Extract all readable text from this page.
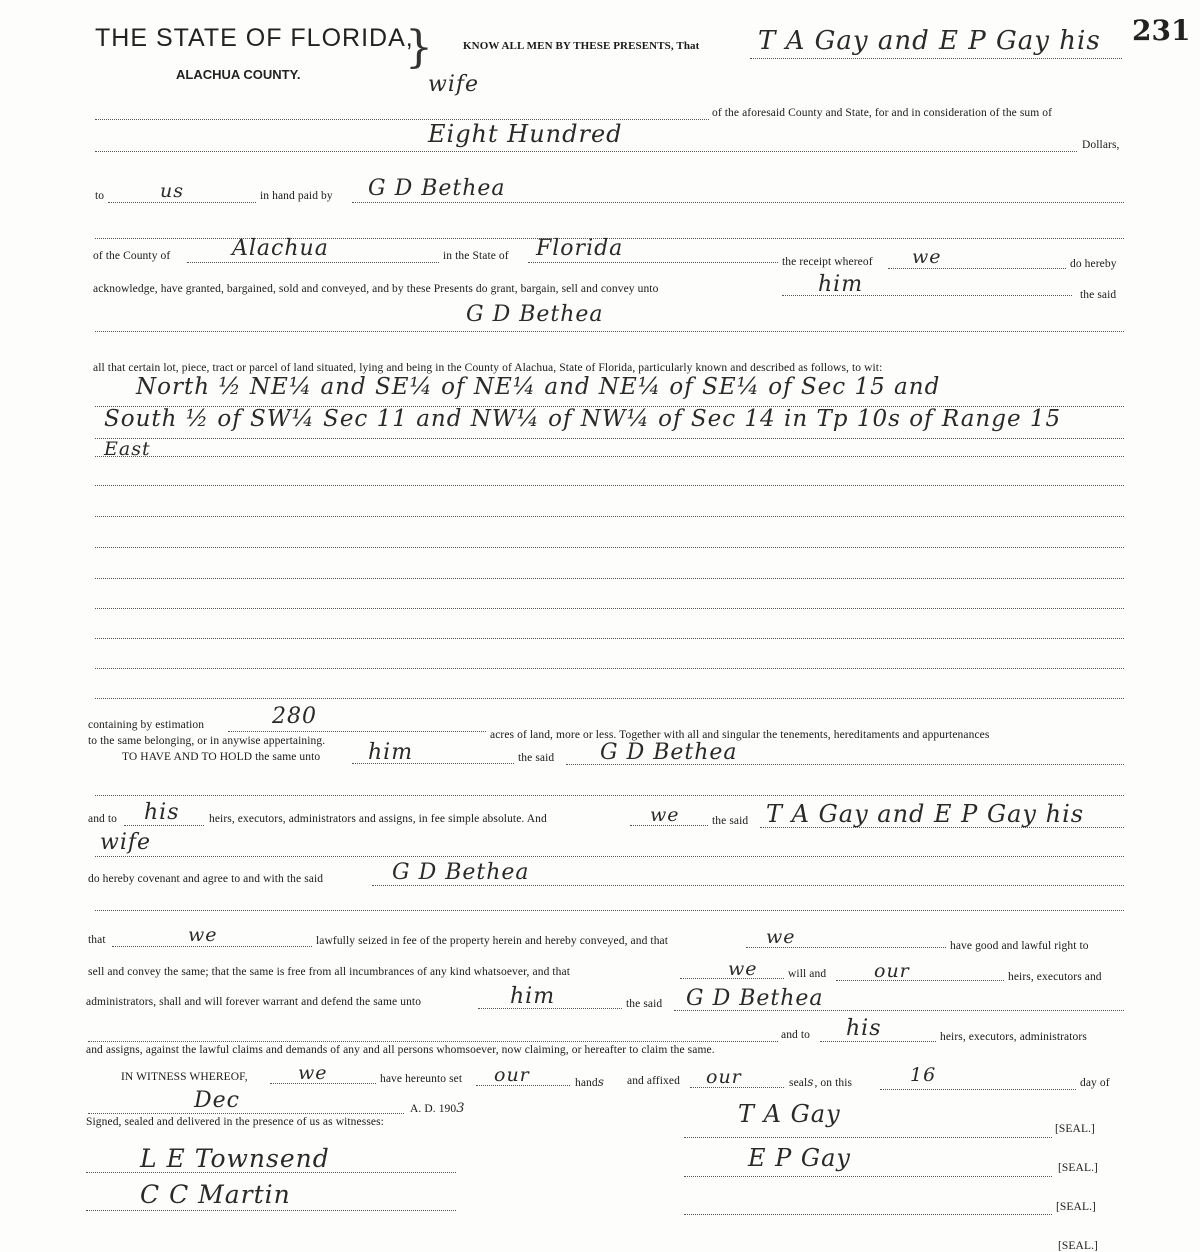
THE STATE OF FLORIDA,
ALACHUA COUNTY.
}	KNOW ALL MEN BY THESE PRESENTS, That T A Gay and E P Gay his 231
wife
of the aforesaid County and State, for and in consideration of the sum of
Eight Hundred	Dollars,
to	us	in hand paid by G D Bethea
of the County of	Alachua	in the State of Florida
the receipt whereof we	do hereby
acknowledge, have granted, bargained, sold and conveyed, and by these Presents do grant, bargain, sell and convey unto	him	the said
G D Bethea
all that certain lot, piece, tract or parcel of land situated, lying and being in the County of Alachua, State of Florida, particularly known and described as follows, to wit:
North ½ NE¼ and SE¼ of NE¼ and NE¼ of SE¼ of Sec 15 and
South ½ of SW¼ Sec 11 and NW¼ of NW¼ of Sec 14 in Tp 10s of Range 15
East
containing by estimation	280
acres of land, more or less. Together with all and singular the tenements, hereditaments and appurtenances
to the same belonging, or in anywise appertaining.
TO HAVE AND TO HOLD the same unto him	the said G D Bethea
and to his	heirs, executors, administrators and assigns, in fee simple absolute. And	we	the said T A Gay and E P Gay his
wife
do hereby covenant and agree to and with the said	G D Bethea
that	we	lawfully seized in fee of the property herein and hereby conveyed, and that	we	have good and lawful right to
sell and convey the same; that the same is free from all incumbrances of any kind whatsoever, and that	we	will and	our	heirs, executors and
administrators, shall and will forever warrant and defend the same unto	him	the said G D Bethea
and to his	heirs, executors, administrators
and assigns, against the lawful claims and demands of any and all persons whomsoever, now claiming, or hereafter to claim the same.
IN WITNESS WHEREOF,	we	have hereunto set our	hands and affixed our	seals, on this	16	day of
Dec	A. D. 1903
Signed, sealed and delivered in the presence of us as witnesses:	T A Gay
[SEAL.]
L E Townsend	E P Gay	[SEAL.]
C C Martin	[SEAL.]
[SEAL.]
